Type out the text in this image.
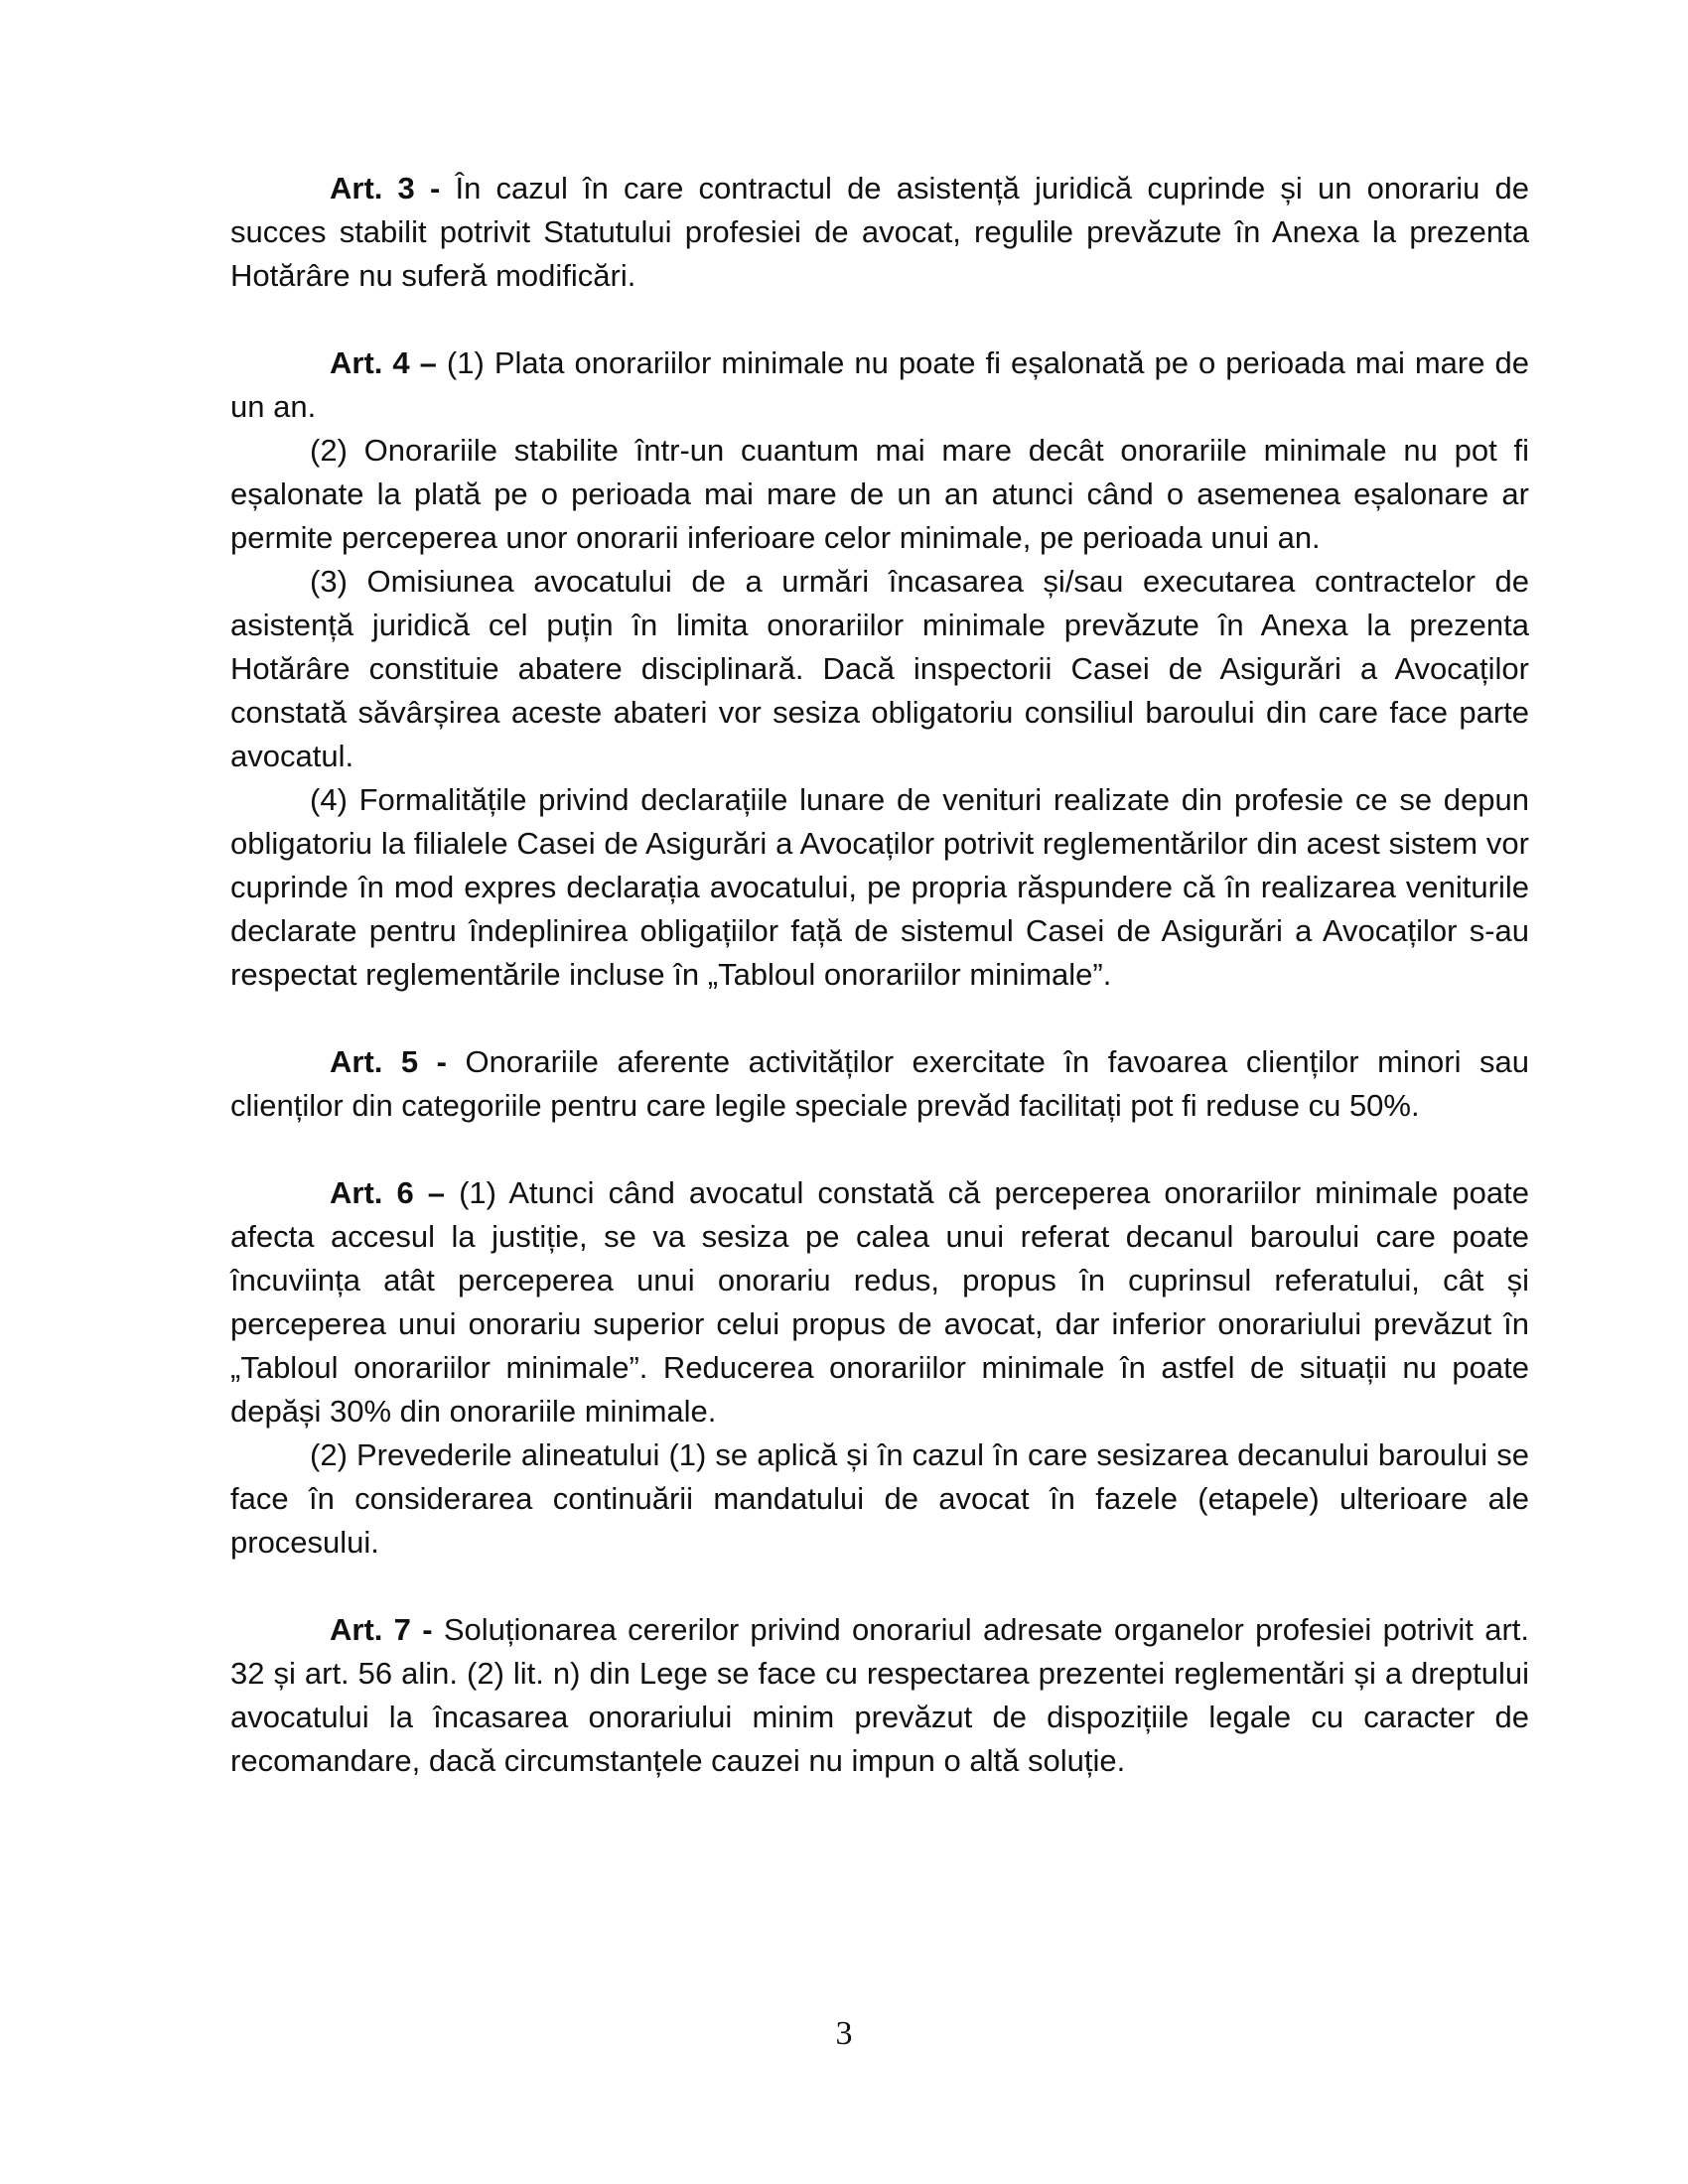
Art. 3 - În cazul în care contractul de asistență juridică cuprinde și un onorariu de succes stabilit potrivit Statutului profesiei de avocat, regulile prevăzute în Anexa la prezenta Hotărâre nu suferă modificări.

Art. 4 – (1) Plata onorariilor minimale nu poate fi eșalonată pe o perioada mai mare de un an.

(2) Onorariile stabilite într-un cuantum mai mare decât onorariile minimale nu pot fi eșalonate la plată pe o perioada mai mare de un an atunci când o asemenea eșalonare ar permite perceperea unor onorarii inferioare celor minimale, pe perioada unui an.

(3) Omisiunea avocatului de a urmări încasarea și/sau executarea contractelor de asistență juridică cel puțin în limita onorariilor minimale prevăzute în Anexa la prezenta Hotărâre constituie abatere disciplinară. Dacă inspectorii Casei de Asigurări a Avocaților constată săvârșirea aceste abateri vor sesiza obligatoriu consiliul baroului din care face parte avocatul.

(4) Formalitățile privind declarațiile lunare de venituri realizate din profesie ce se depun obligatoriu la filialele Casei de Asigurări a Avocaților potrivit reglementărilor din acest sistem vor cuprinde în mod expres declarația avocatului, pe propria răspundere că în realizarea veniturile declarate pentru îndeplinirea obligațiilor față de sistemul Casei de Asigurări a Avocaților s-au respectat reglementările incluse în „Tabloul onorariilor minimale”.

Art. 5 - Onorariile aferente activităților exercitate în favoarea clienților minori sau clienților din categoriile pentru care legile speciale prevăd facilitați pot fi reduse cu 50%.

Art. 6 – (1) Atunci când avocatul constată că perceperea onorariilor minimale poate afecta accesul la justiție, se va sesiza pe calea unui referat decanul baroului care poate încuviința atât perceperea unui onorariu redus, propus în cuprinsul referatului, cât și perceperea unui onorariu superior celui propus de avocat, dar inferior onorariului prevăzut în „Tabloul onorariilor minimale”. Reducerea onorariilor minimale în astfel de situații nu poate depăși 30% din onorariile minimale.

(2) Prevederile alineatului (1) se aplică și în cazul în care sesizarea decanului baroului se face în considerarea continuării mandatului de avocat în fazele (etapele) ulterioare ale procesului.

Art. 7 - Soluționarea cererilor privind onorariul adresate organelor profesiei potrivit art. 32 și art. 56 alin. (2) lit. n) din Lege se face cu respectarea prezentei reglementări și a dreptului avocatului la încasarea onorariului minim prevăzut de dispozițiile legale cu caracter de recomandare, dacă circumstanțele cauzei nu impun o altă soluție.

3
